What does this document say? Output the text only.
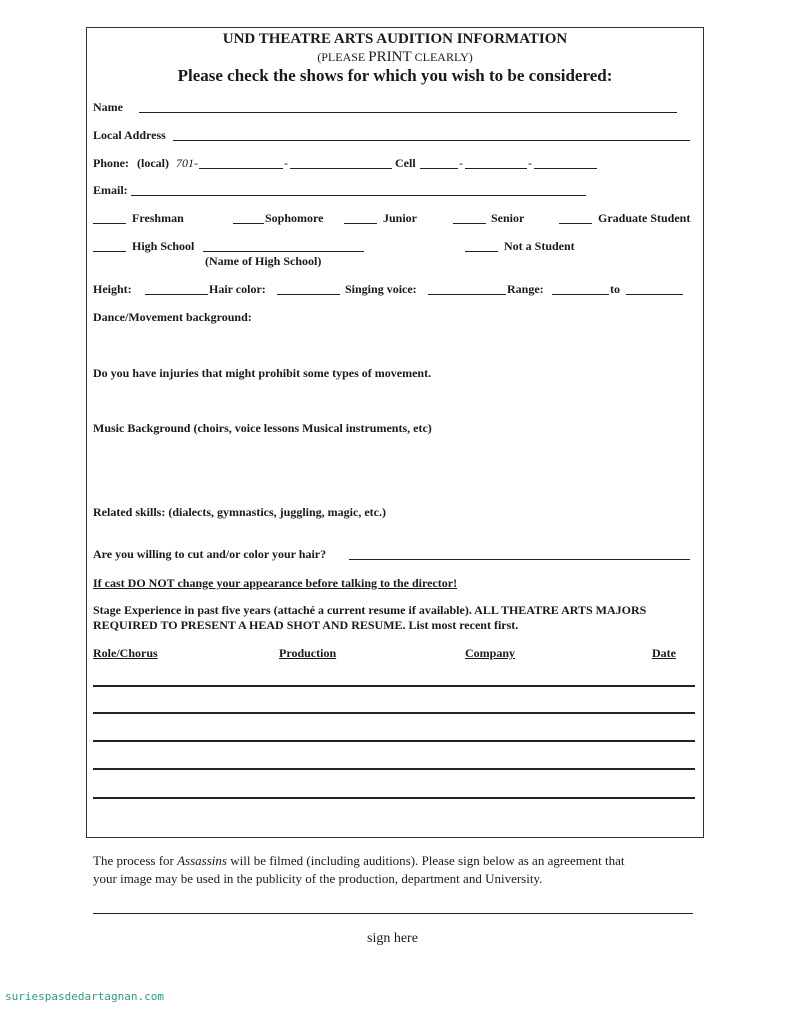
UND THEATRE ARTS AUDITION INFORMATION
(PLEASE PRINT CLEARLY)
Please check the shows for which you wish to be considered:
Name
Local Address
Phone: (local) 701-	-	Cell	-	-
Email:
Freshman	Sophomore	Junior	Senior	Graduate Student
High School
(Name of High School)
Not a Student
Height:	Hair color:	Singing voice:	Range:	to
Dance/Movement background:
Do you have injuries that might prohibit some types of movement.
Music Background (choirs, voice lessons Musical instruments, etc)
Related skills: (dialects, gymnastics, juggling, magic, etc.)
Are you willing to cut and/or color your hair?
If cast DO NOT change your appearance before talking to the director!
Stage Experience in past five years (attaché a current resume if available). ALL THEATRE ARTS MAJORS
REQUIRED TO PRESENT A HEAD SHOT AND RESUME. List most recent first.
Role/Chorus	Production	Company	Date
The process for Assassins will be filmed (including auditions). Please sign below as an agreement that
your image may be used in the publicity of the production, department and University.
sign here
suriespasdedartagnan.com
